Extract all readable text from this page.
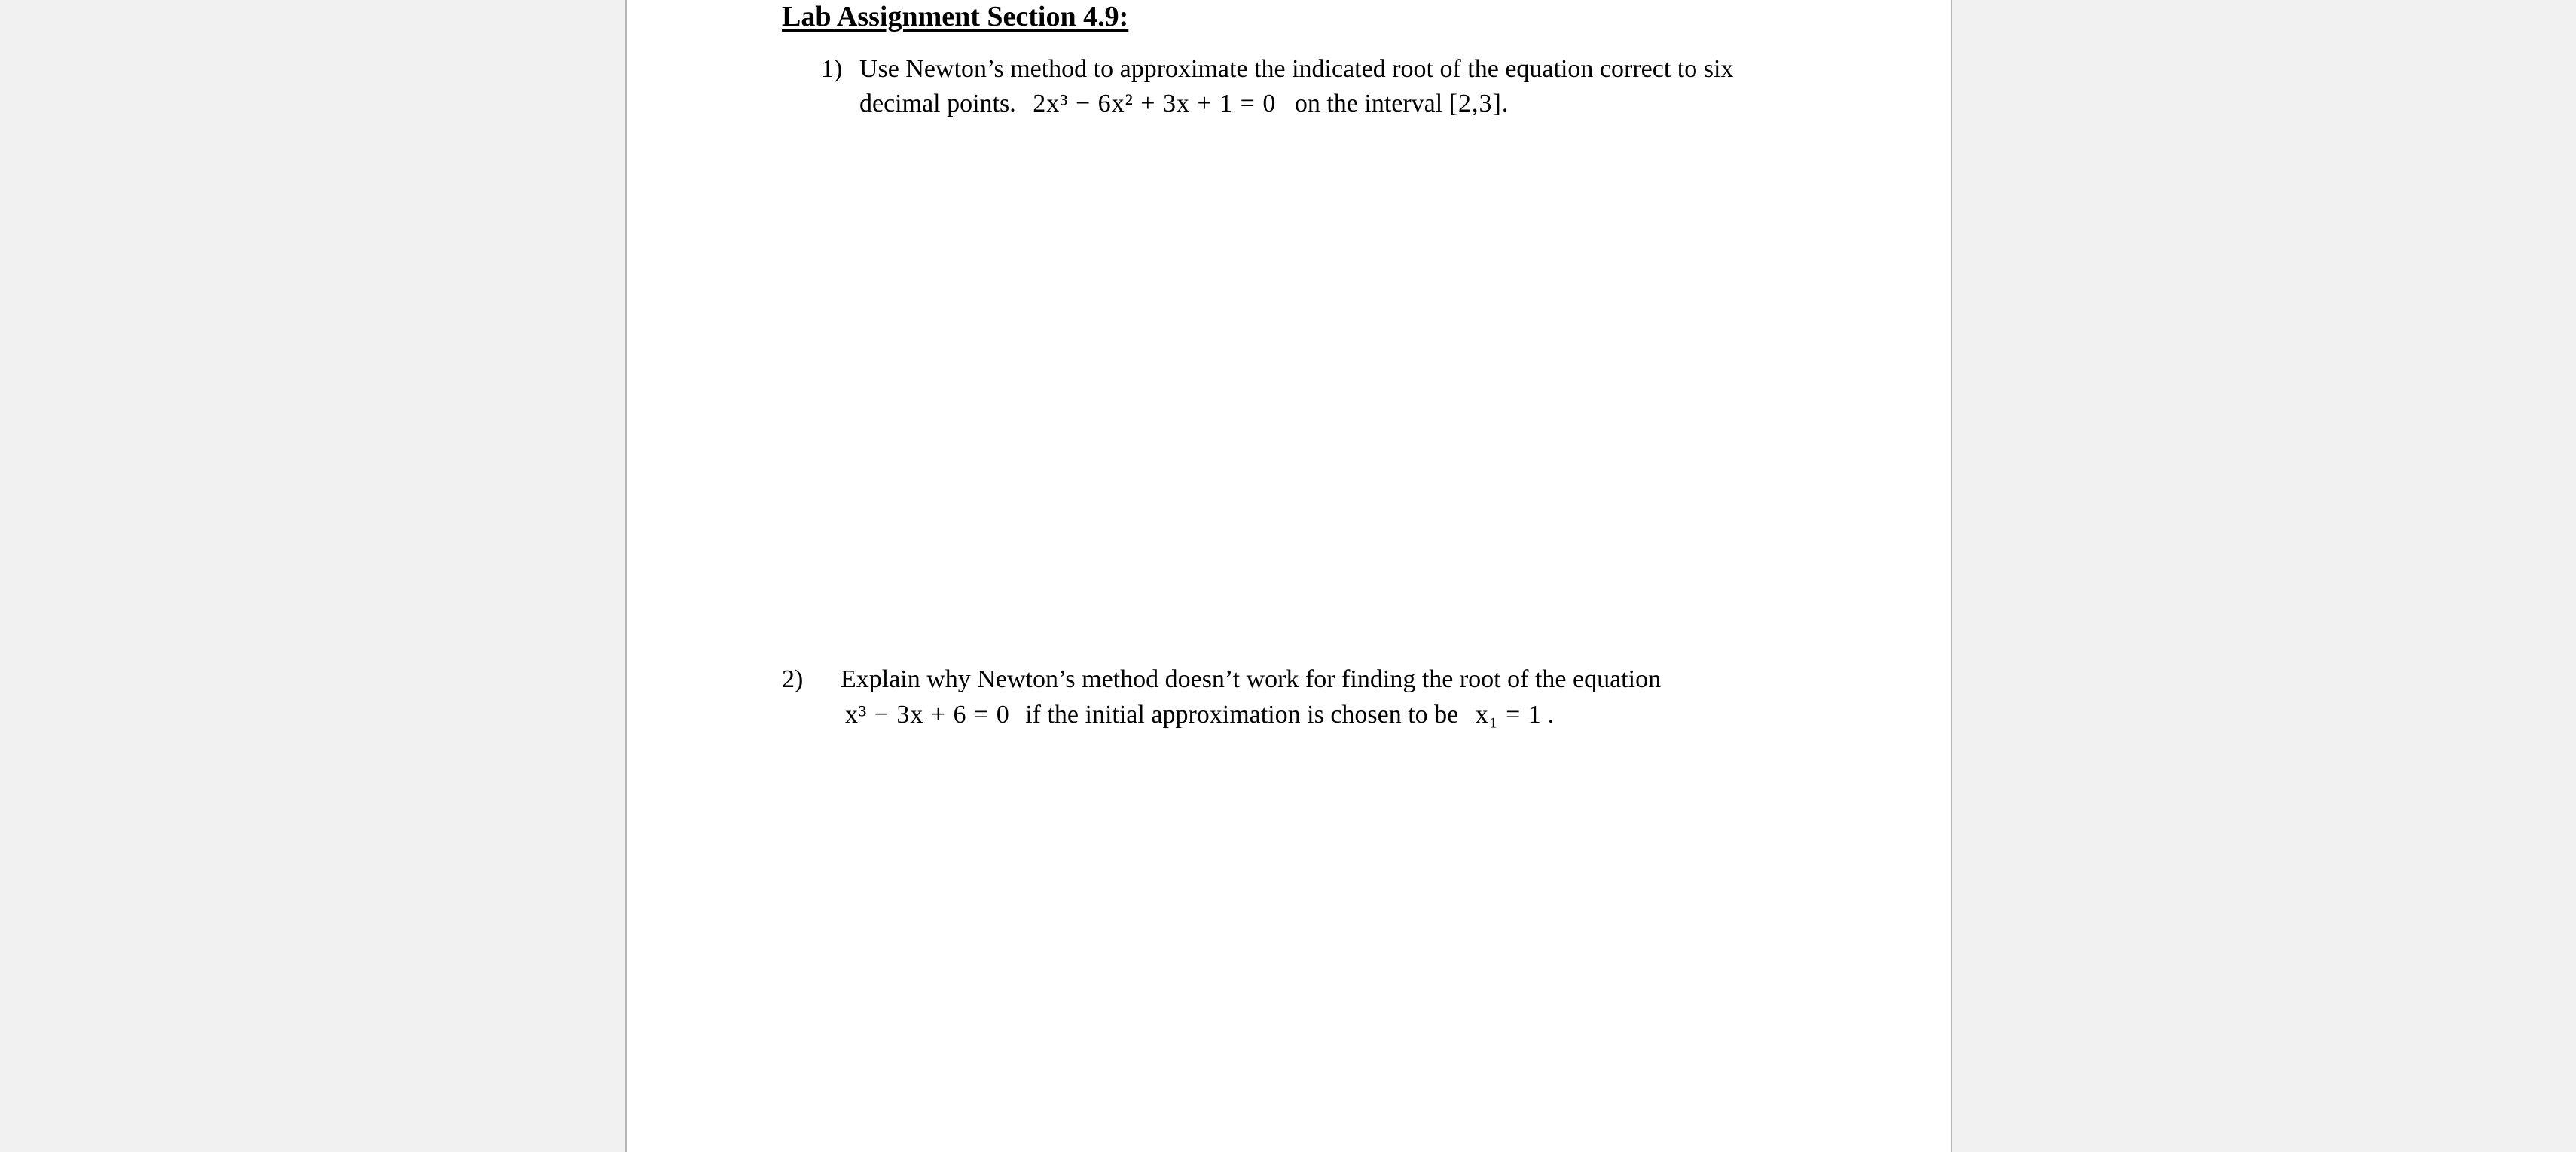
Lab Assignment Section 4.9:
1) Use Newton’s method to approximate the indicated root of the equation correct to six
decimal points. 2x³ − 6x² + 3x + 1 = 0 on the interval [2,3].
2) Explain why Newton’s method doesn’t work for finding the root of the equation
x³ − 3x + 6 = 0 if the initial approximation is chosen to be x₁ = 1 .
